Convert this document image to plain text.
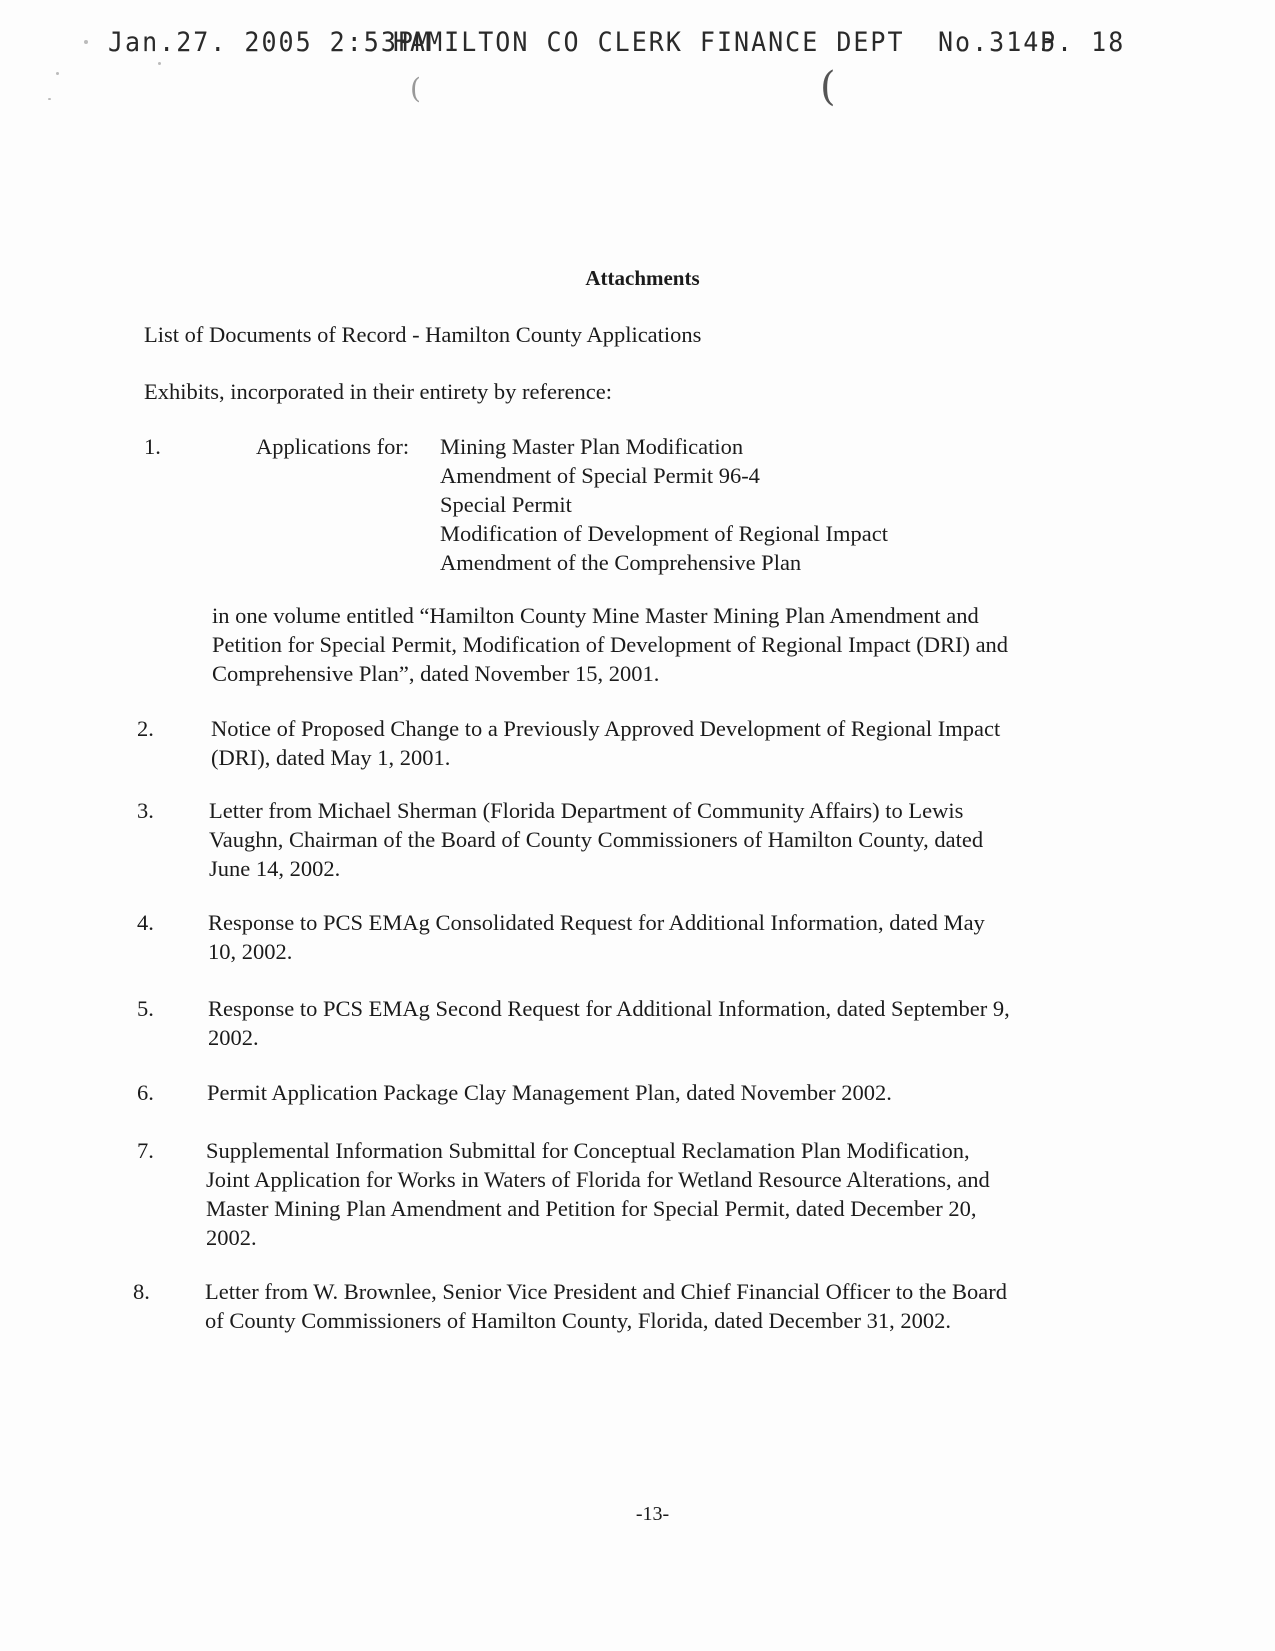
Jan.27. 2005 2:53PM
HAMILTON CO CLERK FINANCE DEPT No.3145
P. 18
(	(
Attachments
List of Documents of Record - Hamilton County Applications
Exhibits, incorporated in their entirety by reference:
1.	Applications for: Mining Master Plan Modification
Amendment of Special Permit 96-4
Special Permit
Modification of Development of Regional Impact
Amendment of the Comprehensive Plan
in one volume entitled “Hamilton County Mine Master Mining Plan Amendment and
Petition for Special Permit, Modification of Development of Regional Impact (DRI) and
Comprehensive Plan”, dated November 15, 2001.
2.	Notice of Proposed Change to a Previously Approved Development of Regional Impact
(DRI), dated May 1, 2001.
3. Letter from Michael Sherman (Florida Department of Community Affairs) to Lewis
Vaughn, Chairman of the Board of County Commissioners of Hamilton County, dated
June 14, 2002.
4. Response to PCS EMAg Consolidated Request for Additional Information, dated May
10, 2002.
5. Response to PCS EMAg Second Request for Additional Information, dated September 9,
2002.
6. Permit Application Package Clay Management Plan, dated November 2002.
7. Supplemental Information Submittal for Conceptual Reclamation Plan Modification,
Joint Application for Works in Waters of Florida for Wetland Resource Alterations, and
Master Mining Plan Amendment and Petition for Special Permit, dated December 20,
2002.
8. Letter from W. Brownlee, Senior Vice President and Chief Financial Officer to the Board
of County Commissioners of Hamilton County, Florida, dated December 31, 2002.
-13-
